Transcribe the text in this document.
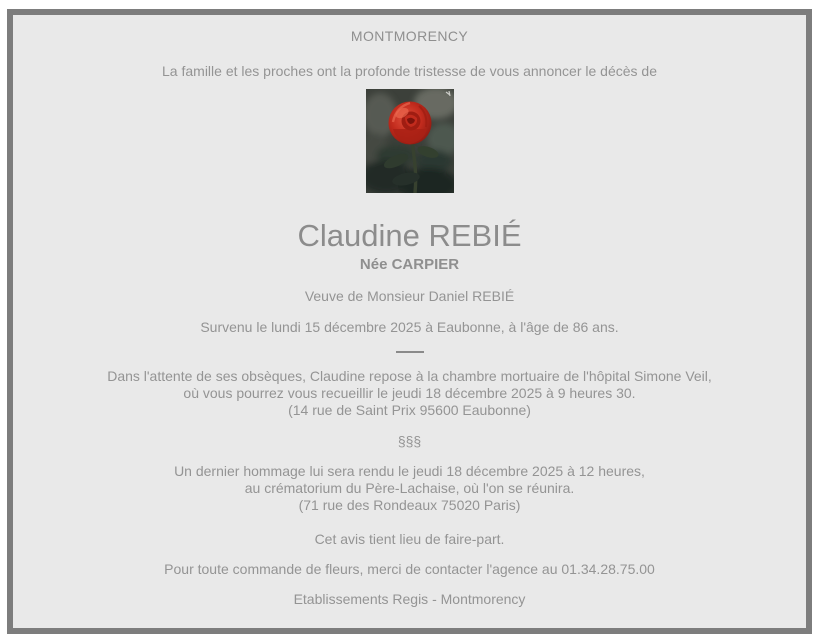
MONTMORENCY
La famille et les proches ont la profonde tristesse de vous annoncer le décès de
Claudine REBIÉ
Née CARPIER
Veuve de Monsieur Daniel REBIÉ
Survenu le lundi 15 décembre 2025 à Eaubonne, à l'âge de 86 ans.
Dans l'attente de ses obsèques, Claudine repose à la chambre mortuaire de l'hôpital Simone Veil,
où vous pourrez vous recueillir le jeudi 18 décembre 2025 à 9 heures 30.
(14 rue de Saint Prix 95600 Eaubonne)
§§§
Un dernier hommage lui sera rendu le jeudi 18 décembre 2025 à 12 heures,
au crématorium du Père-Lachaise, où l'on se réunira.
(71 rue des Rondeaux 75020 Paris)
Cet avis tient lieu de faire-part.
Pour toute commande de fleurs, merci de contacter l'agence au 01.34.28.75.00
Etablissements Regis - Montmorency
